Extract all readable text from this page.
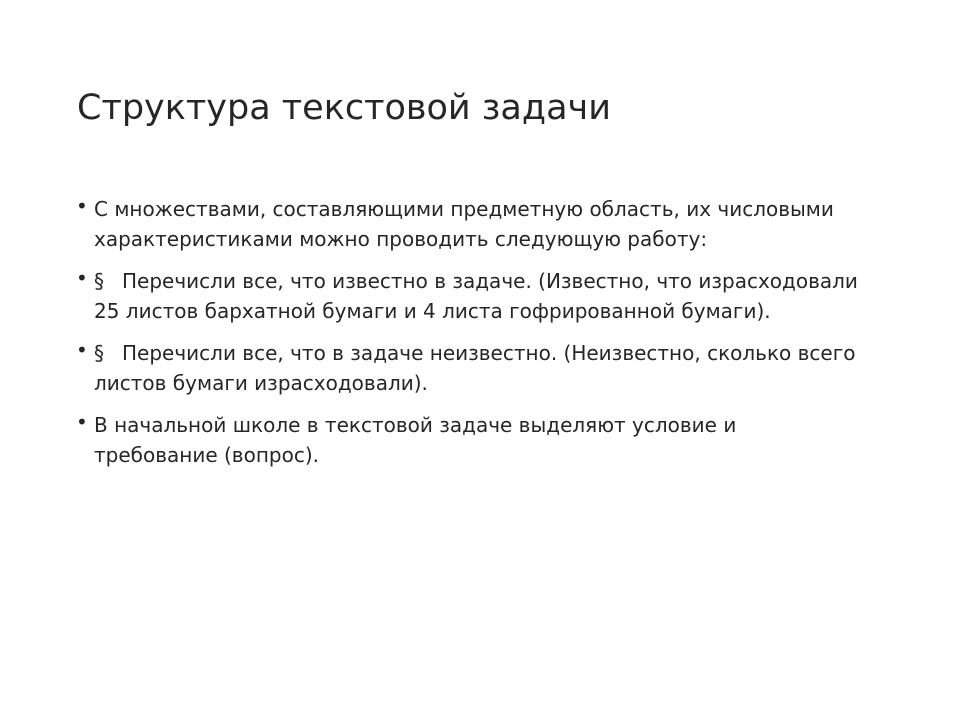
Структура текстовой задачи
• С множествами, составляющими предметную область, их числовыми характеристиками можно проводить следующую работу:
• § Перечисли все, что известно в задаче. (Известно, что израсходовали 25 листов бархатной бумаги и 4 листа гофрированной бумаги).
• § Перечисли все, что в задаче неизвестно. (Неизвестно, сколько всего листов бумаги израсходовали).
• В начальной школе в текстовой задаче выделяют условие и требование (вопрос).
